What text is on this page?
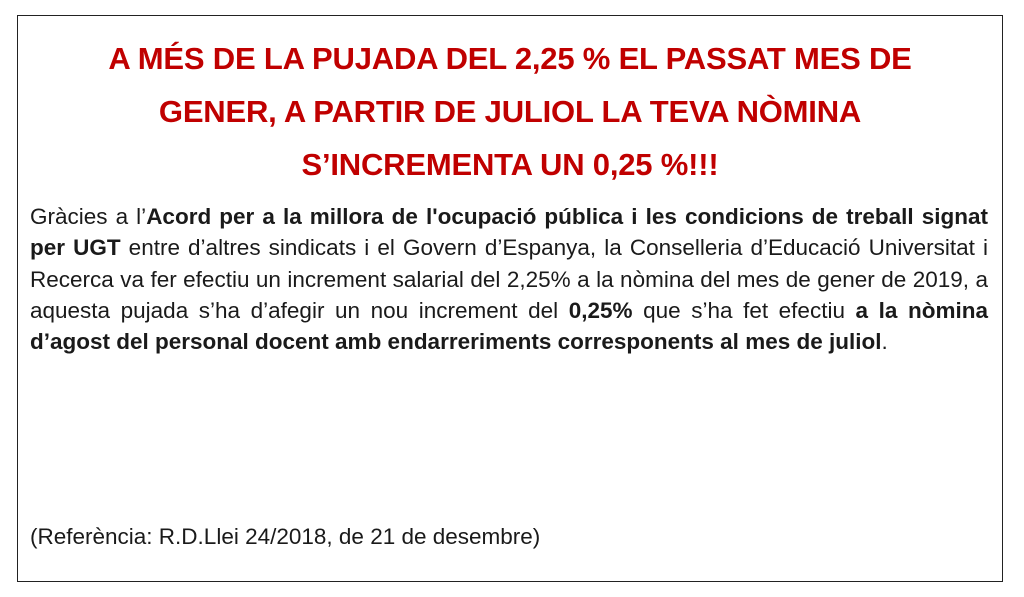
A MÉS DE LA PUJADA DEL 2,25 % EL PASSAT MES DE
GENER, A PARTIR DE JULIOL LA TEVA NÒMINA
S’INCREMENTA UN 0,25 %!!!

Gràcies a l’Acord per a la millora de l'ocupació pública i les condicions de treball signat per UGT entre d’altres sindicats i el Govern d’Espanya, la Conselleria d’Educació Universitat i Recerca va fer efectiu un increment salarial del 2,25% a la nòmina del mes de gener de 2019, a aquesta pujada s’ha d’afegir un nou increment del 0,25% que s’ha fet efectiu a la nòmina d’agost del personal docent amb endarreriments corresponents al mes de juliol.

(Referència: R.D.Llei 24/2018, de 21 de desembre)
